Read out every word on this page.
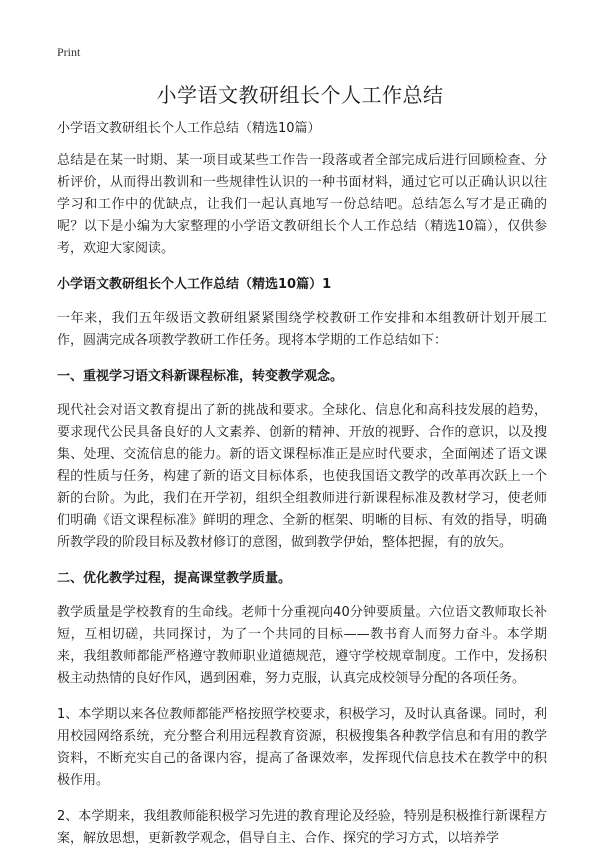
Print
小学语文教研组长个人工作总结

小学语文教研组长个人工作总结（精选10篇）

总结是在某一时期、某一项目或某些工作告一段落或者全部完成后进行回顾检查、分析评价，从而得出教训和一些规律性认识的一种书面材料，通过它可以正确认识以往学习和工作中的优缺点，让我们一起认真地写一份总结吧。总结怎么写才是正确的呢？以下是小编为大家整理的小学语文教研组长个人工作总结（精选10篇），仅供参考，欢迎大家阅读。

小学语文教研组长个人工作总结（精选10篇）1

一年来，我们五年级语文教研组紧紧围绕学校教研工作安排和本组教研计划开展工作，圆满完成各项教学教研工作任务。现将本学期的工作总结如下：

一、重视学习语文科新课程标准，转变教学观念。

现代社会对语文教育提出了新的挑战和要求。全球化、信息化和高科技发展的趋势，要求现代公民具备良好的人文素养、创新的精神、开放的视野、合作的意识，以及搜集、处理、交流信息的能力。新的语文课程标准正是应时代要求，全面阐述了语文课程的性质与任务，构建了新的语文目标体系，也使我国语文教学的改革再次跃上一个新的台阶。为此，我们在开学初，组织全组教师进行新课程标准及教材学习，使老师们明确《语文课程标准》鲜明的理念、全新的框架、明晰的目标、有效的指导，明确所教学段的阶段目标及教材修订的意图，做到教学伊始，整体把握，有的放矢。

二、优化教学过程，提高课堂教学质量。

教学质量是学校教育的生命线。老师十分重视向40分钟要质量。六位语文教师取长补短，互相切磋，共同探讨，为了一个共同的目标——教书育人而努力奋斗。本学期来，我组教师都能严格遵守教师职业道德规范，遵守学校规章制度。工作中，发扬积极主动热情的良好作风，遇到困难，努力克服，认真完成校领导分配的各项任务。

1、本学期以来各位教师都能严格按照学校要求，积极学习，及时认真备课。同时，利用校园网络系统，充分整合利用远程教育资源，积极搜集各种教学信息和有用的教学资料，不断充实自己的备课内容，提高了备课效率，发挥现代信息技术在教学中的积极作用。

2、本学期来，我组教师能积极学习先进的教育理论及经验，特别是积极推行新课程方案，解放思想，更新教学观念，倡导自主、合作、探究的学习方式，以培养学
